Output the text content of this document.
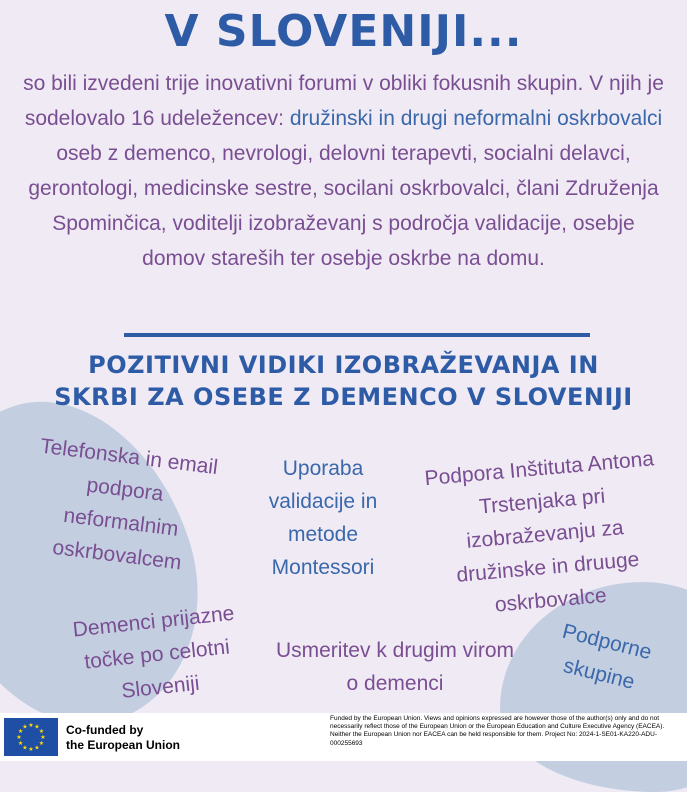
V SLOVENIJI...
so bili izvedeni trije inovativni forumi v obliki fokusnih skupin. V njih je sodelovalo 16 udeležencev: družinski in drugi neformalni oskrbovalci oseb z demenco, nevrologi, delovni terapevti, socialni delavci, gerontologi, medicinske sestre, socilani oskrbovalci, člani Združenja Spominčica, voditelji izobraževanj s področja validacije, osebje domov stareših ter osebje oskrbe na domu.
POZITIVNI VIDIKI IZOBRAŽEVANJA IN
SKRBI ZA OSEBE Z DEMENCO V SLOVENIJI
Telefonska in email podpora neformalnim oskrbovalcem
Uporaba validacije in metode Montessori
Podpora Inštituta Antona Trstenjaka pri izobraževanju za družinske in druuge oskrbovalce
Demenci prijazne točke po celotni Sloveniji
Usmeritev k drugim virom o demenci
Podporne skupine
★ ★
★
★
★
★
★
★
★
★
★
★	Co-funded by
the European Union
Funded by the European Union. Views and opinions expressed are however those of the author(s) only and do not necessarily reflect those of the European Union or the European Education and Culture Executive Agency (EACEA). Neither the European Union nor EACEA can be held responsible for them. Project No: 2024-1-SE01-KA220-ADU-000255693
